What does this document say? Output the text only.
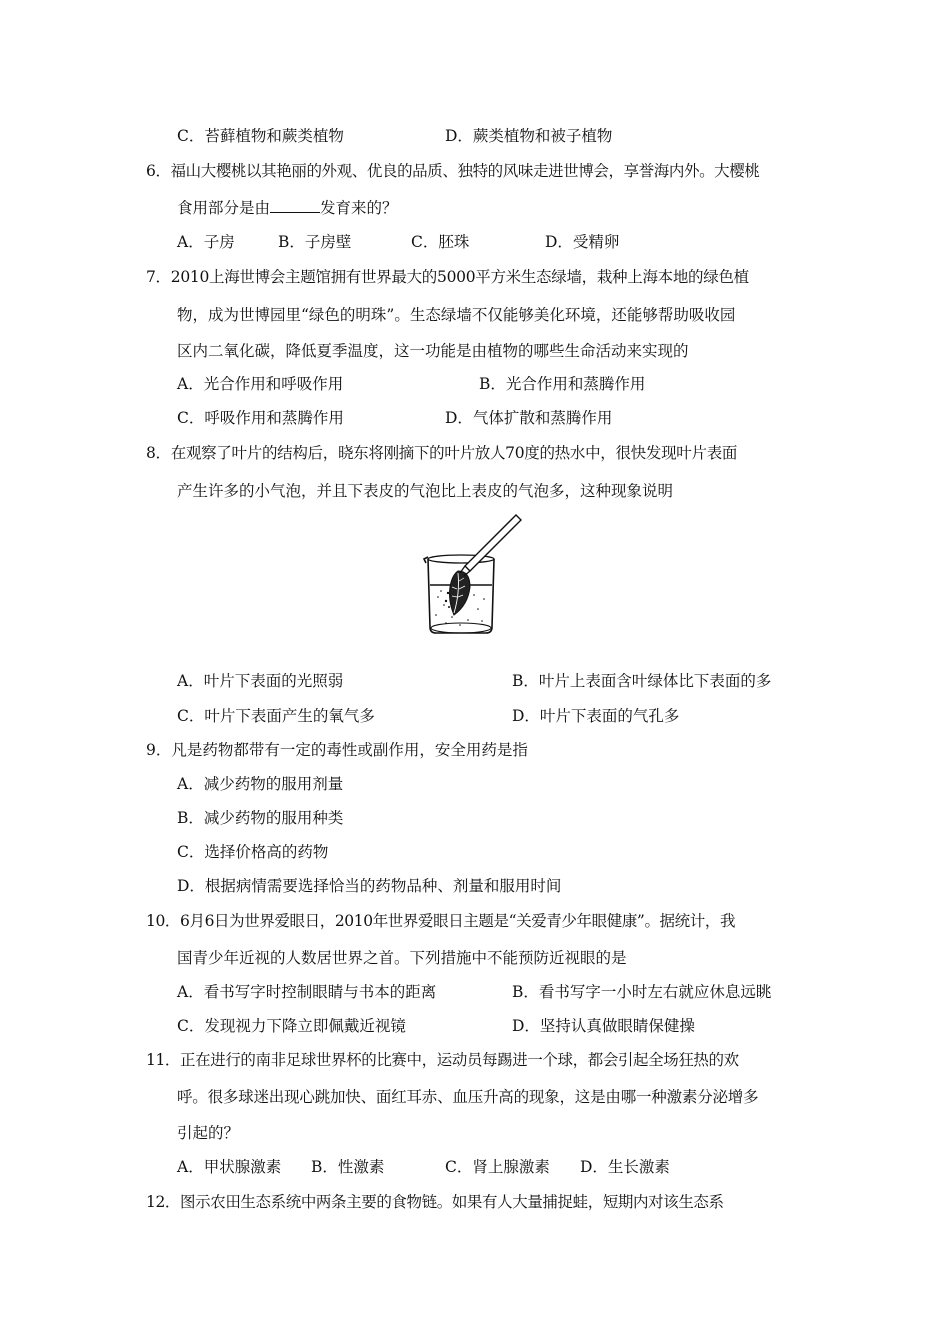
C．苔藓植物和蕨类植物	D．蕨类植物和被子植物
6．福山大樱桃以其艳丽的外观、优良的品质、独特的风味走进世博会，享誉海内外。大樱桃
食用部分是由	发育来的？
A．子房	B．子房壁	C．胚珠	D．受精卵
7．2010上海世博会主题馆拥有世界最大的5000平方米生态绿墙，栽种上海本地的绿色植
物，成为世博园里“绿色的明珠”。生态绿墙不仅能够美化环境，还能够帮助吸收园
区内二氧化碳，降低夏季温度，这一功能是由植物的哪些生命活动来实现的
A．光合作用和呼吸作用	B．光合作用和蒸腾作用
C．呼吸作用和蒸腾作用	D．气体扩散和蒸腾作用
8．在观察了叶片的结构后，晓东将刚摘下的叶片放人70度的热水中，很快发现叶片表面
产生许多的小气泡，并且下表皮的气泡比上表皮的气泡多，这种现象说明
A．叶片下表面的光照弱	B．叶片上表面含叶绿体比下表面的多
C．叶片下表面产生的氧气多	D．叶片下表面的气孔多
9．凡是药物都带有一定的毒性或副作用，安全用药是指
A．减少药物的服用剂量
B．减少药物的服用种类
C．选择价格高的药物
D．根据病情需要选择恰当的药物品种、剂量和服用时间
10．6月6日为世界爱眼日，2010年世界爱眼日主题是“关爱青少年眼健康”。据统计，我
国青少年近视的人数居世界之首。下列措施中不能预防近视眼的是
A．看书写字时控制眼睛与书本的距离	B．看书写字一小时左右就应休息远眺
C．发现视力下降立即佩戴近视镜	D．坚持认真做眼睛保健操
11．正在进行的南非足球世界杯的比赛中，运动员每踢进一个球，都会引起全场狂热的欢
呼。很多球迷出现心跳加快、面红耳赤、血压升高的现象，这是由哪一种激素分泌增多
引起的？
A．甲状腺激素 B．性激素	C．肾上腺激素 D．生长激素
12．图示农田生态系统中两条主要的食物链。如果有人大量捕捉蛙，短期内对该生态系
